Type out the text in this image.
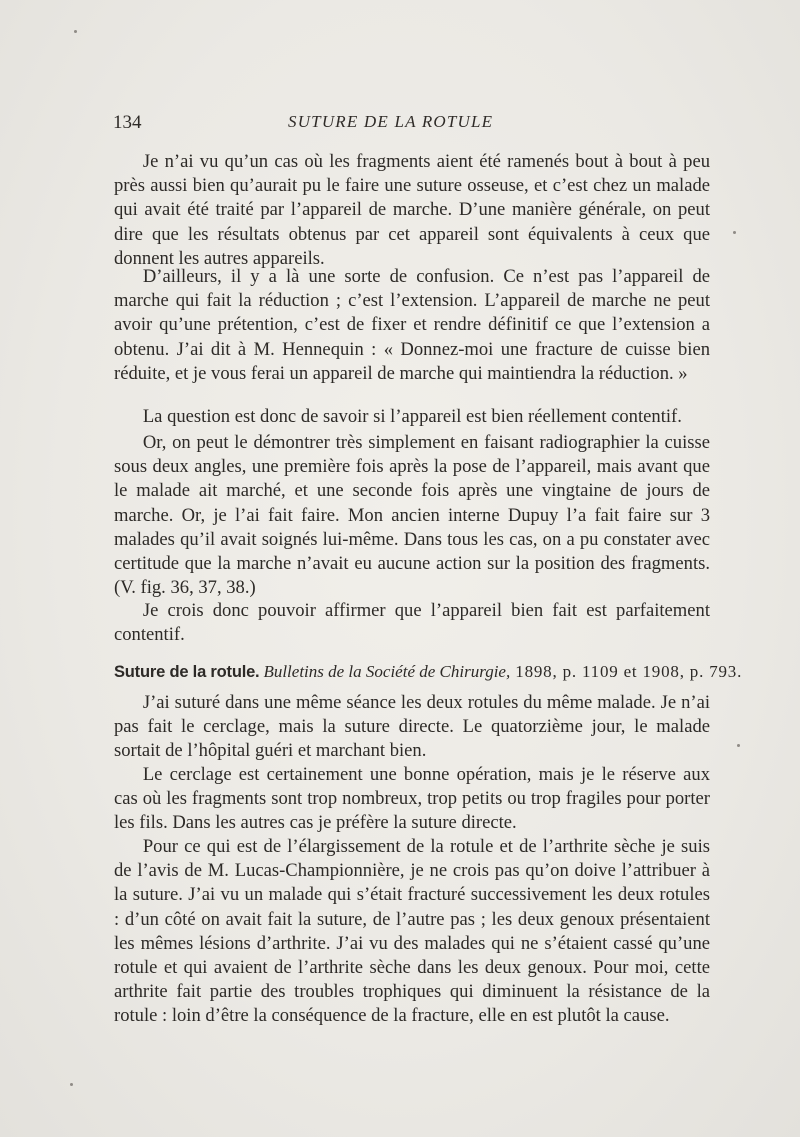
134	SUTURE DE LA ROTULE

Je n’ai vu qu’un cas où les fragments aient été ramenés bout à bout à peu près aussi bien qu’aurait pu le faire une suture osseuse, et c’est chez un malade qui avait été traité par l’appareil de marche. D’une manière générale, on peut dire que les résultats obtenus par cet appareil sont équivalents à ceux que donnent les autres appareils.

D’ailleurs, il y a là une sorte de confusion. Ce n’est pas l’appareil de marche qui fait la réduction ; c’est l’extension. L’appareil de marche ne peut avoir qu’une prétention, c’est de fixer et rendre définitif ce que l’extension a obtenu. J’ai dit à M. Hennequin : « Donnez-moi une fracture de cuisse bien réduite, et je vous ferai un appareil de marche qui maintiendra la réduction. »

La question est donc de savoir si l’appareil est bien réellement contentif.

Or, on peut le démontrer très simplement en faisant radiographier la cuisse sous deux angles, une première fois après la pose de l’appareil, mais avant que le malade ait marché, et une seconde fois après une vingtaine de jours de marche. Or, je l’ai fait faire. Mon ancien interne Dupuy l’a fait faire sur 3 malades qu’il avait soignés lui-même. Dans tous les cas, on a pu constater avec certitude que la marche n’avait eu aucune action sur la position des fragments. (V. fig. 36, 37, 38.)

Je crois donc pouvoir affirmer que l’appareil bien fait est parfaitement contentif.

Suture de la rotule. Bulletins de la Société de Chirurgie, 1898, p. 1109 et 1908, p. 793.

J’ai suturé dans une même séance les deux rotules du même malade. Je n’ai pas fait le cerclage, mais la suture directe. Le quatorzième jour, le malade sortait de l’hôpital guéri et marchant bien.

Le cerclage est certainement une bonne opération, mais je le réserve aux cas où les fragments sont trop nombreux, trop petits ou trop fragiles pour porter les fils. Dans les autres cas je préfère la suture directe.

Pour ce qui est de l’élargissement de la rotule et de l’arthrite sèche je suis de l’avis de M. Lucas-Championnière, je ne crois pas qu’on doive l’attribuer à la suture. J’ai vu un malade qui s’était fracturé successivement les deux rotules : d’un côté on avait fait la suture, de l’autre pas ; les deux genoux présentaient les mêmes lésions d’arthrite. J’ai vu des malades qui ne s’étaient cassé qu’une rotule et qui avaient de l’arthrite sèche dans les deux genoux. Pour moi, cette arthrite fait partie des troubles trophiques qui diminuent la résistance de la rotule : loin d’être la conséquence de la fracture, elle en est plutôt la cause.
